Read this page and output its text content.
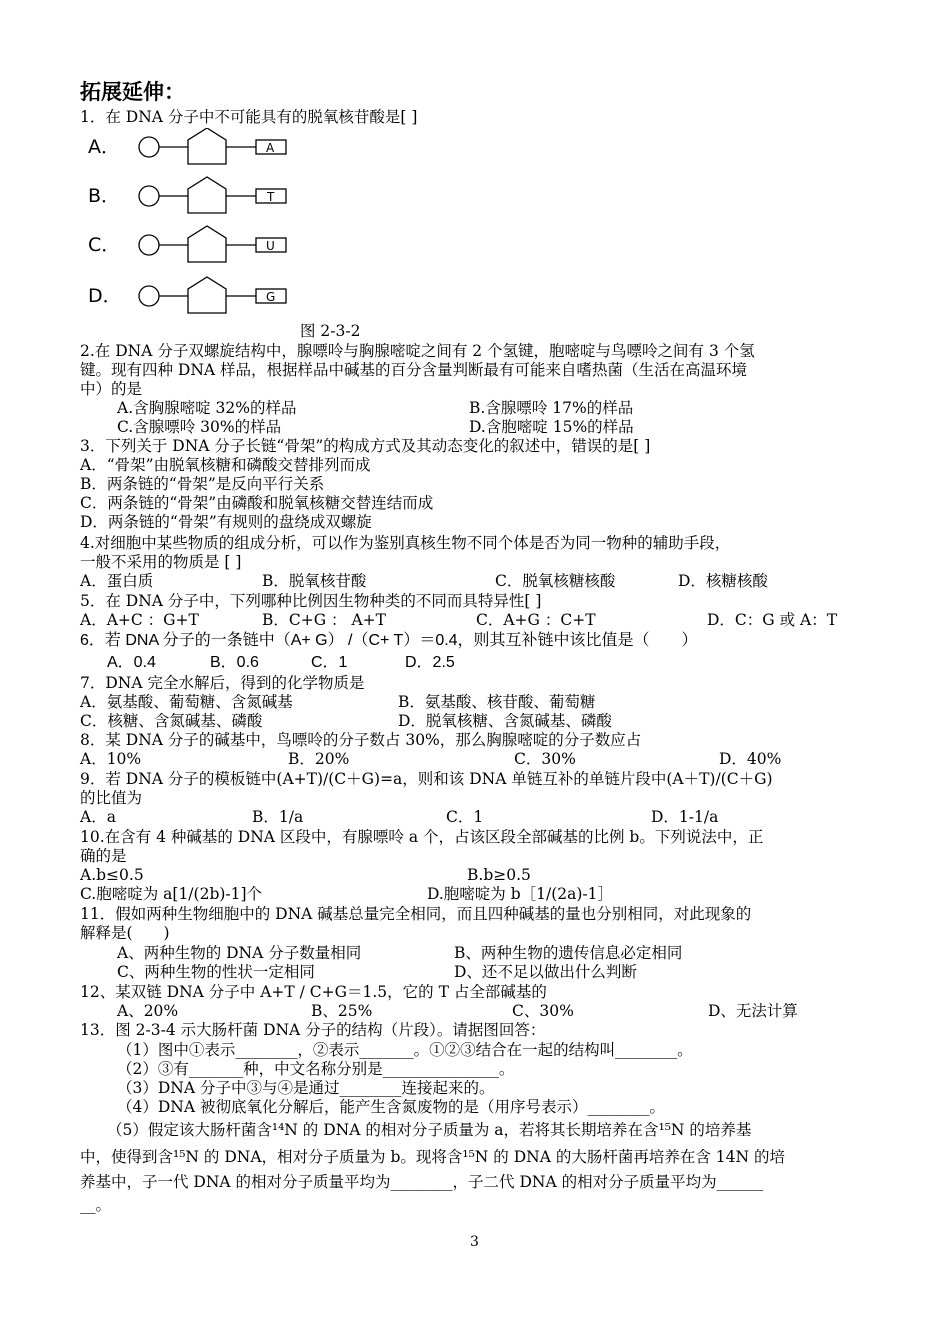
拓展延伸：
1．在 DNA 分子中不可能具有的脱氧核苷酸是[ ]
A．	A
B．	T
C．	U
D．	G
图 2-3-2
2.在 DNA 分子双螺旋结构中，腺嘌呤与胸腺嘧啶之间有 2 个氢键，胞嘧啶与鸟嘌呤之间有 3 个氢
键。现有四种 DNA 样品，根据样品中碱基的百分含量判断最有可能来自嗜热菌（生活在高温环境
中）的是
A.含胸腺嘧啶 32%的样品	B.含腺嘌呤 17%的样品
C.含腺嘌呤 30%的样品	D.含胞嘧啶 15%的样品
3．下列关于 DNA 分子长链“骨架”的构成方式及其动态变化的叙述中，错误的是[ ]
A．“骨架”由脱氧核糖和磷酸交替排列而成
B．两条链的“骨架”是反向平行关系
C．两条链的“骨架”由磷酸和脱氧核糖交替连结而成
D．两条链的“骨架”有规则的盘绕成双螺旋
4.对细胞中某些物质的组成分析，可以作为鉴别真核生物不同个体是否为同一物种的辅助手段，
一般不采用的物质是 [ ]
A．蛋白质	B．脱氧核苷酸	C．脱氧核糖核酸	D．核糖核酸
5．在 DNA 分子中，下列哪种比例因生物种类的不同而具特异性[ ]
A．A+C ：G+T	B．C+G ： A+T	C．A+G ：C+T	D．C：G 或 A：T
6．若 DNA 分子的一条链中（A+ G） /（C+ T）＝0.4，则其互补链中该比值是（　　）
A．0.4	B．0.6	C．1	D．2.5
7．DNA 完全水解后，得到的化学物质是
A．氨基酸、葡萄糖、含氮碱基	B．氨基酸、核苷酸、葡萄糖
C．核糖、含氮碱基、磷酸	D．脱氧核糖、含氮碱基、磷酸
8．某 DNA 分子的碱基中，鸟嘌呤的分子数占 30%，那么胸腺嘧啶的分子数应占
A．10%	B．20%	C．30%	D．40%
9．若 DNA 分子的模板链中(A+T)/(C＋G)=a，则和该 DNA 单链互补的单链片段中(A＋T)/(C＋G)
的比值为
A．a	B．1/a	C．1	D．1-1/a
10.在含有 4 种碱基的 DNA 区段中，有腺嘌呤 a 个，占该区段全部碱基的比例 b。下列说法中，正
确的是
A.b≤0.5	B.b≥0.5
C.胞嘧啶为 a[1/(2b)-1]个	D.胞嘧啶为 b［1/(2a)-1］
11．假如两种生物细胞中的 DNA 碱基总量完全相同，而且四种碱基的量也分别相同，对此现象的
解释是(　　)
A、两种生物的 DNA 分子数量相同	B、两种生物的遗传信息必定相同
C、两种生物的性状一定相同	D、还不足以做出什么判断
12、某双链 DNA 分子中 A+T / C+G＝1.5，它的 T 占全部碱基的
A、20%	B、25%	C、30%	D、无法计算
13．图 2-3-4 示大肠杆菌 DNA 分子的结构（片段）。请据图回答：
（1）图中①表示________，②表示_______。①②③结合在一起的结构叫________。
（2）③有_______种，中文名称分别是_______________。
（3）DNA 分子中③与④是通过________连接起来的。
（4）DNA 被彻底氧化分解后，能产生含氮废物的是（用序号表示）________。
（5）假定该大肠杆菌含¹⁴N 的 DNA 的相对分子质量为 a，若将其长期培养在含¹⁵N 的培养基
中，使得到含¹⁵N 的 DNA，相对分子质量为 b。现将含¹⁵N 的 DNA 的大肠杆菌再培养在含 14N 的培
养基中，子一代 DNA 的相对分子质量平均为________，子二代 DNA 的相对分子质量平均为______
__。
3
